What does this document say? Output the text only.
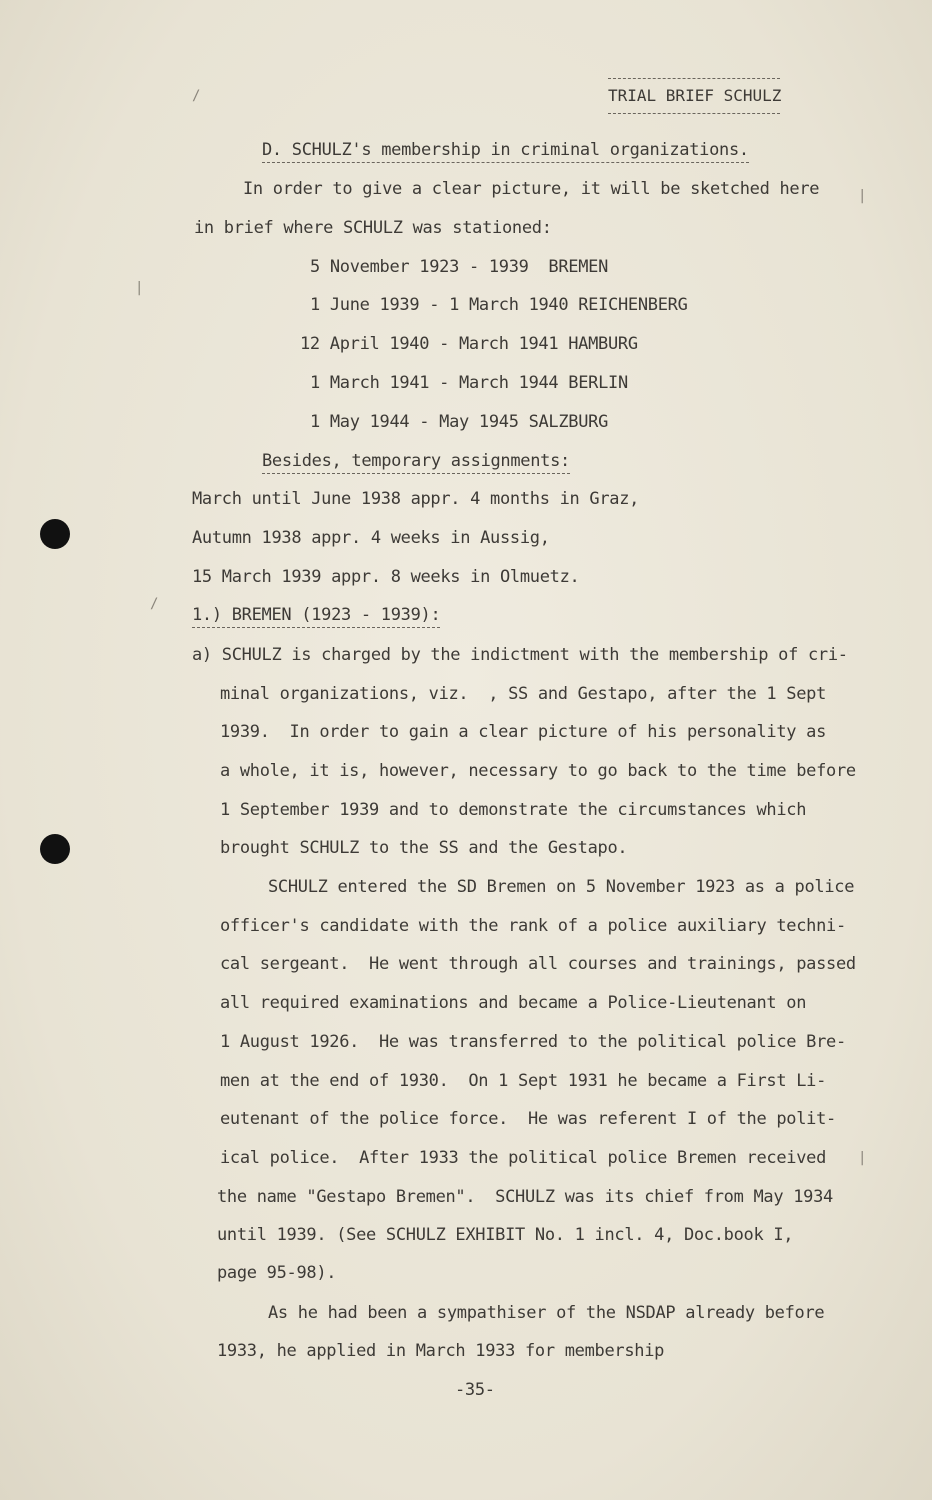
/
|
/
|
|
TRIAL BRIEF SCHULZ
D. SCHULZ's membership in criminal organizations.
In order to give a clear picture, it will be sketched here
in brief where SCHULZ was stationed:
5 November 1923 - 1939  BREMEN
1 June 1939 - 1 March 1940 REICHENBERG
12 April 1940 - March 1941 HAMBURG
1 March 1941 - March 1944 BERLIN
1 May 1944 - May 1945 SALZBURG
Besides, temporary assignments:
March until June 1938 appr. 4 months in Graz,
Autumn 1938 appr. 4 weeks in Aussig,
15 March 1939 appr. 8 weeks in Olmuetz.
1.) BREMEN (1923 - 1939):
a) SCHULZ is charged by the indictment with the membership of cri-
minal organizations, viz.  , SS and Gestapo, after the 1 Sept
1939.  In order to gain a clear picture of his personality as
a whole, it is, however, necessary to go back to the time before
1 September 1939 and to demonstrate the circumstances which
brought SCHULZ to the SS and the Gestapo.
SCHULZ entered the SD Bremen on 5 November 1923 as a police
officer's candidate with the rank of a police auxiliary techni-
cal sergeant.  He went through all courses and trainings, passed
all required examinations and became a Police-Lieutenant on
1 August 1926.  He was transferred to the political police Bre-
men at the end of 1930.  On 1 Sept 1931 he became a First Li-
eutenant of the police force.  He was referent I of the polit-
ical police.  After 1933 the political police Bremen received
the name "Gestapo Bremen".  SCHULZ was its chief from May 1934
until 1939. (See SCHULZ EXHIBIT No. 1 incl. 4, Doc.book I,
page 95-98).
As he had been a sympathiser of the NSDAP already before
1933, he applied in March 1933 for membership
-35-
